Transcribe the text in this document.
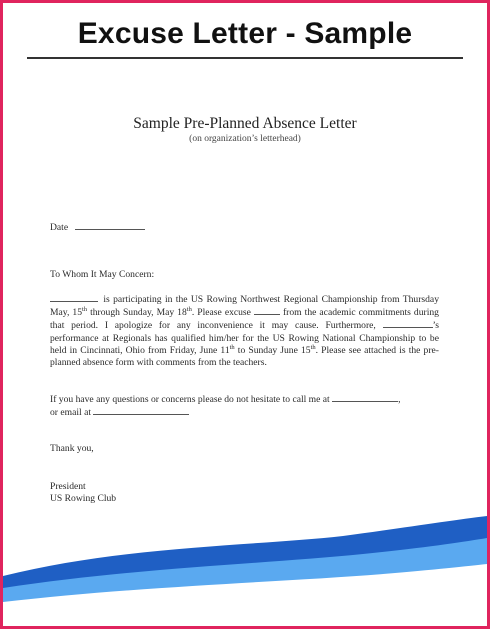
Excuse Letter - Sample
Sample Pre-Planned Absence Letter
(on organization’s letterhead)
Date
To Whom It May Concern:
is participating in the US Rowing Northwest Regional Championship from Thursday May, 15th through Sunday, May 18th. Please excuse	from the academic commitments during that period. I apologize for any inconvenience it may cause. Furthermore,	’s performance at Regionals has qualified him/her for the US Rowing National Championship to be held in Cincinnati, Ohio from Friday, June 11th to Sunday June 15th. Please see attached is the pre-planned absence form with comments from the teachers.
If you have any questions or concerns please do not hesitate to call me at	,
or email at
Thank you,
President
US Rowing Club
